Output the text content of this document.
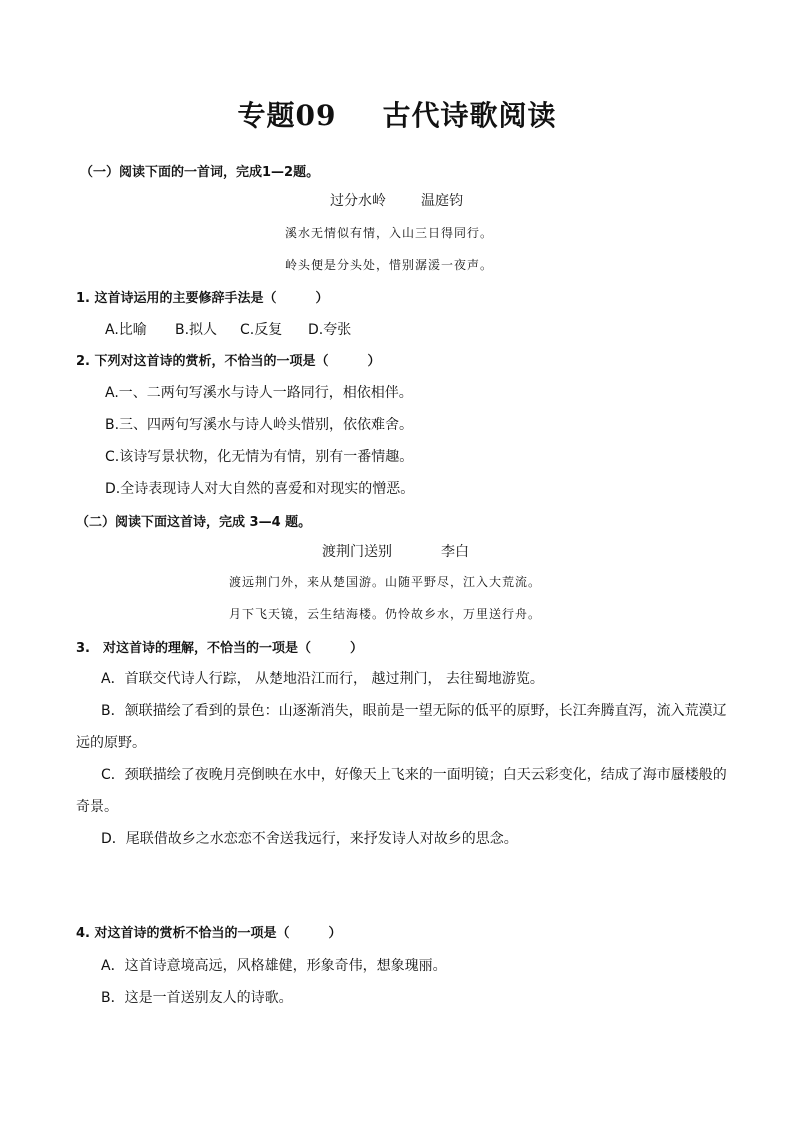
专题09 古代诗歌阅读
（一）阅读下面的一首词，完成1—2题。
过分水岭	温庭钧
溪水无情似有情，入山三日得同行。
岭头便是分头处，惜别潺湲一夜声。
1. 这首诗运用的主要修辞手法是（　　　）
A.比喻 B.拟人 C.反复 D.夸张
2. 下列对这首诗的赏析，不恰当的一项是（　　　）
A.一、二两句写溪水与诗人一路同行，相依相伴。
B.三、四两句写溪水与诗人岭头惜别，依依难舍。
C.该诗写景状物，化无情为有情，别有一番情趣。
D.全诗表现诗人对大自然的喜爱和对现实的憎恶。
（二）阅读下面这首诗，完成 3—4 题。
渡荆门送别	李白
渡远荆门外，来从楚国游。山随平野尽，江入大荒流。
月下飞天镜，云生结海楼。仍怜故乡水，万里送行舟。
3.　对这首诗的理解，不恰当的一项是（　　　）
A．首联交代诗人行踪， 从楚地沿江而行， 越过荆门， 去往蜀地游览。
B．颔联描绘了看到的景色：山逐渐消失，眼前是一望无际的低平的原野，长江奔腾直泻，流入荒漠辽
远的原野。
C．颈联描绘了夜晚月亮倒映在水中，好像天上飞来的一面明镜；白天云彩变化，结成了海市蜃楼般的
奇景。
D．尾联借故乡之水恋恋不舍送我远行，来抒发诗人对故乡的思念。
4. 对这首诗的赏析不恰当的一项是（　　　）
A．这首诗意境高远，风格雄健，形象奇伟，想象瑰丽。
B．这是一首送别友人的诗歌。
